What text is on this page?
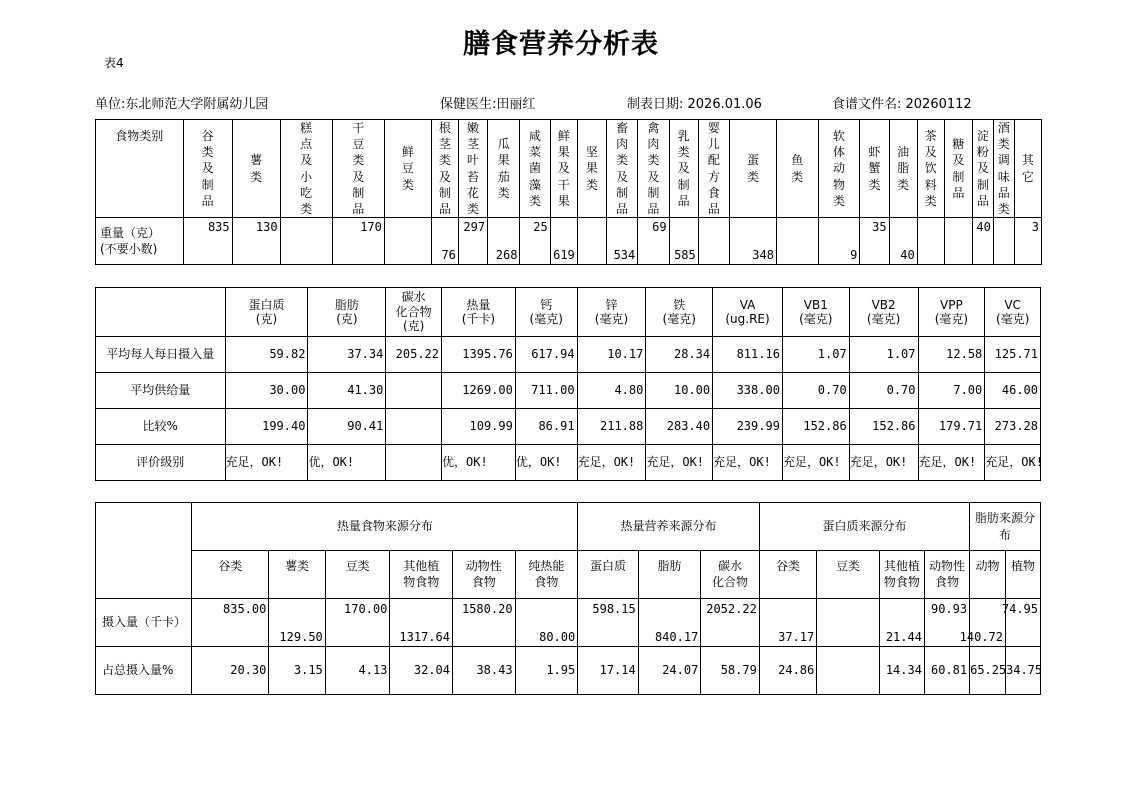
膳食营养分析表
表4
单位:东北师范大学附属幼儿园	保健医生:田丽红	制表日期: 2026.01.06	食谱文件名: 20260112
食物类别	谷类及制品	薯类	糕点及小吃类	干豆类及制品	鲜豆类	根茎类及制品	嫩茎叶苔花类	瓜果茄类	咸菜菌藻类	鲜果及干果	坚果类	畜肉类及制品	禽肉类及制品	乳类及制品	婴儿配方食品	蛋类	鱼类	软体动物类	虾蟹类	油脂类	茶及饮料类	糖及制品	淀粉及制品	酒类调味品类	其它

重量（克）
(不要小数)	835	130		170		76	297	268	25	619		534	69	585		348		9	35	40			40		3
	蛋白质
(克)	脂肪
(克)	碳水
化合物
(克)	热量
(千卡)	钙
(毫克)	锌
(毫克)	铁
(毫克)	VA
(ug.RE)	VB1
(毫克)	VB2
(毫克)	VPP
(毫克)	VC
(毫克)
平均每人每日摄入量	59.82	37.34	205.22	1395.76	617.94	10.17	28.34	811.16	1.07	1.07	12.58	125.71
平均供给量	30.00	41.30		1269.00	711.00	4.80	10.00	338.00	0.70	0.70	7.00	46.00
比较%	199.40	90.41		109.99	86.91	211.88	283.40	239.99	152.86	152.86	179.71	273.28
评价级别	充足，OK!	优，OK!		优，OK!	优，OK!	充足，OK!	充足，OK!	充足，OK!	充足，OK!	充足，OK!	充足，OK!	充足，OK!
	热量食物来源分布						热量营养来源分布			蛋白质来源分布				脂肪来源分布	
	谷类	薯类	豆类	其他植
物食物	动物性
食物	纯热能
食物	蛋白质	脂肪	碳水
化合物	谷类	豆类	其他植
物食物	动物性
食物	动物	植物
摄入量（千卡）	835.00	129.50	170.00	1317.64	1580.20	80.00	598.15	840.17	2052.22	37.17		21.44	90.93	140.72	74.95

占总摄入量%	20.30	3.15	4.13	32.04	38.43	1.95	17.14	24.07	58.79	24.86		14.34	60.81	65.25	34.75
